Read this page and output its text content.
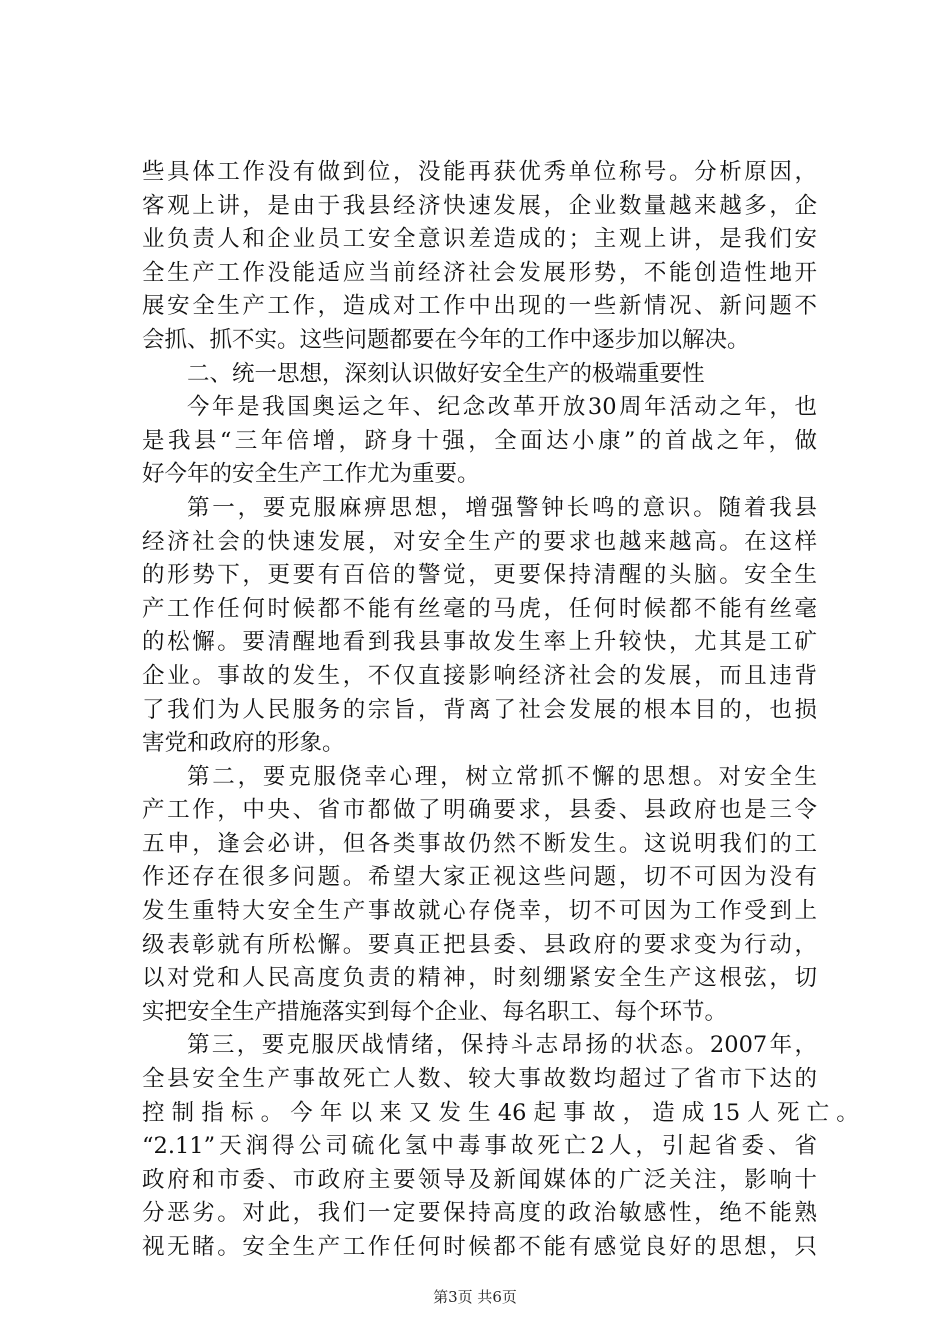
些具体工作没有做到位，没能再获优秀单位称号。分析原因，
客观上讲，是由于我县经济快速发展，企业数量越来越多，企
业负责人和企业员工安全意识差造成的；主观上讲，是我们安
全生产工作没能适应当前经济社会发展形势，不能创造性地开
展安全生产工作，造成对工作中出现的一些新情况、新问题不
会抓、抓不实。这些问题都要在今年的工作中逐步加以解决。
二、统一思想，深刻认识做好安全生产的极端重要性
今年是我国奥运之年、纪念改革开放30周年活动之年，也
是我县“三年倍增，跻身十强，全面达小康”的首战之年，做
好今年的安全生产工作尤为重要。
第一，要克服麻痹思想，增强警钟长鸣的意识。随着我县
经济社会的快速发展，对安全生产的要求也越来越高。在这样
的形势下，更要有百倍的警觉，更要保持清醒的头脑。安全生
产工作任何时候都不能有丝毫的马虎，任何时候都不能有丝毫
的松懈。要清醒地看到我县事故发生率上升较快，尤其是工矿
企业。事故的发生，不仅直接影响经济社会的发展，而且违背
了我们为人民服务的宗旨，背离了社会发展的根本目的，也损
害党和政府的形象。
第二，要克服侥幸心理，树立常抓不懈的思想。对安全生
产工作，中央、省市都做了明确要求，县委、县政府也是三令
五申，逢会必讲，但各类事故仍然不断发生。这说明我们的工
作还存在很多问题。希望大家正视这些问题，切不可因为没有
发生重特大安全生产事故就心存侥幸，切不可因为工作受到上
级表彰就有所松懈。要真正把县委、县政府的要求变为行动，
以对党和人民高度负责的精神，时刻绷紧安全生产这根弦，切
实把安全生产措施落实到每个企业、每名职工、每个环节。
第三，要克服厌战情绪，保持斗志昂扬的状态。2007年，
全县安全生产事故死亡人数、较大事故数均超过了省市下达的
控 制 指 标 。 今 年 以 来 又 发 生 46 起 事 故 ， 造 成 15 人 死 亡 。
“2.11”天润得公司硫化氢中毒事故死亡2人，引起省委、省
政府和市委、市政府主要领导及新闻媒体的广泛关注，影响十
分恶劣。对此，我们一定要保持高度的政治敏感性，绝不能熟
视无睹。安全生产工作任何时候都不能有感觉良好的思想，只
第3页 共6页
